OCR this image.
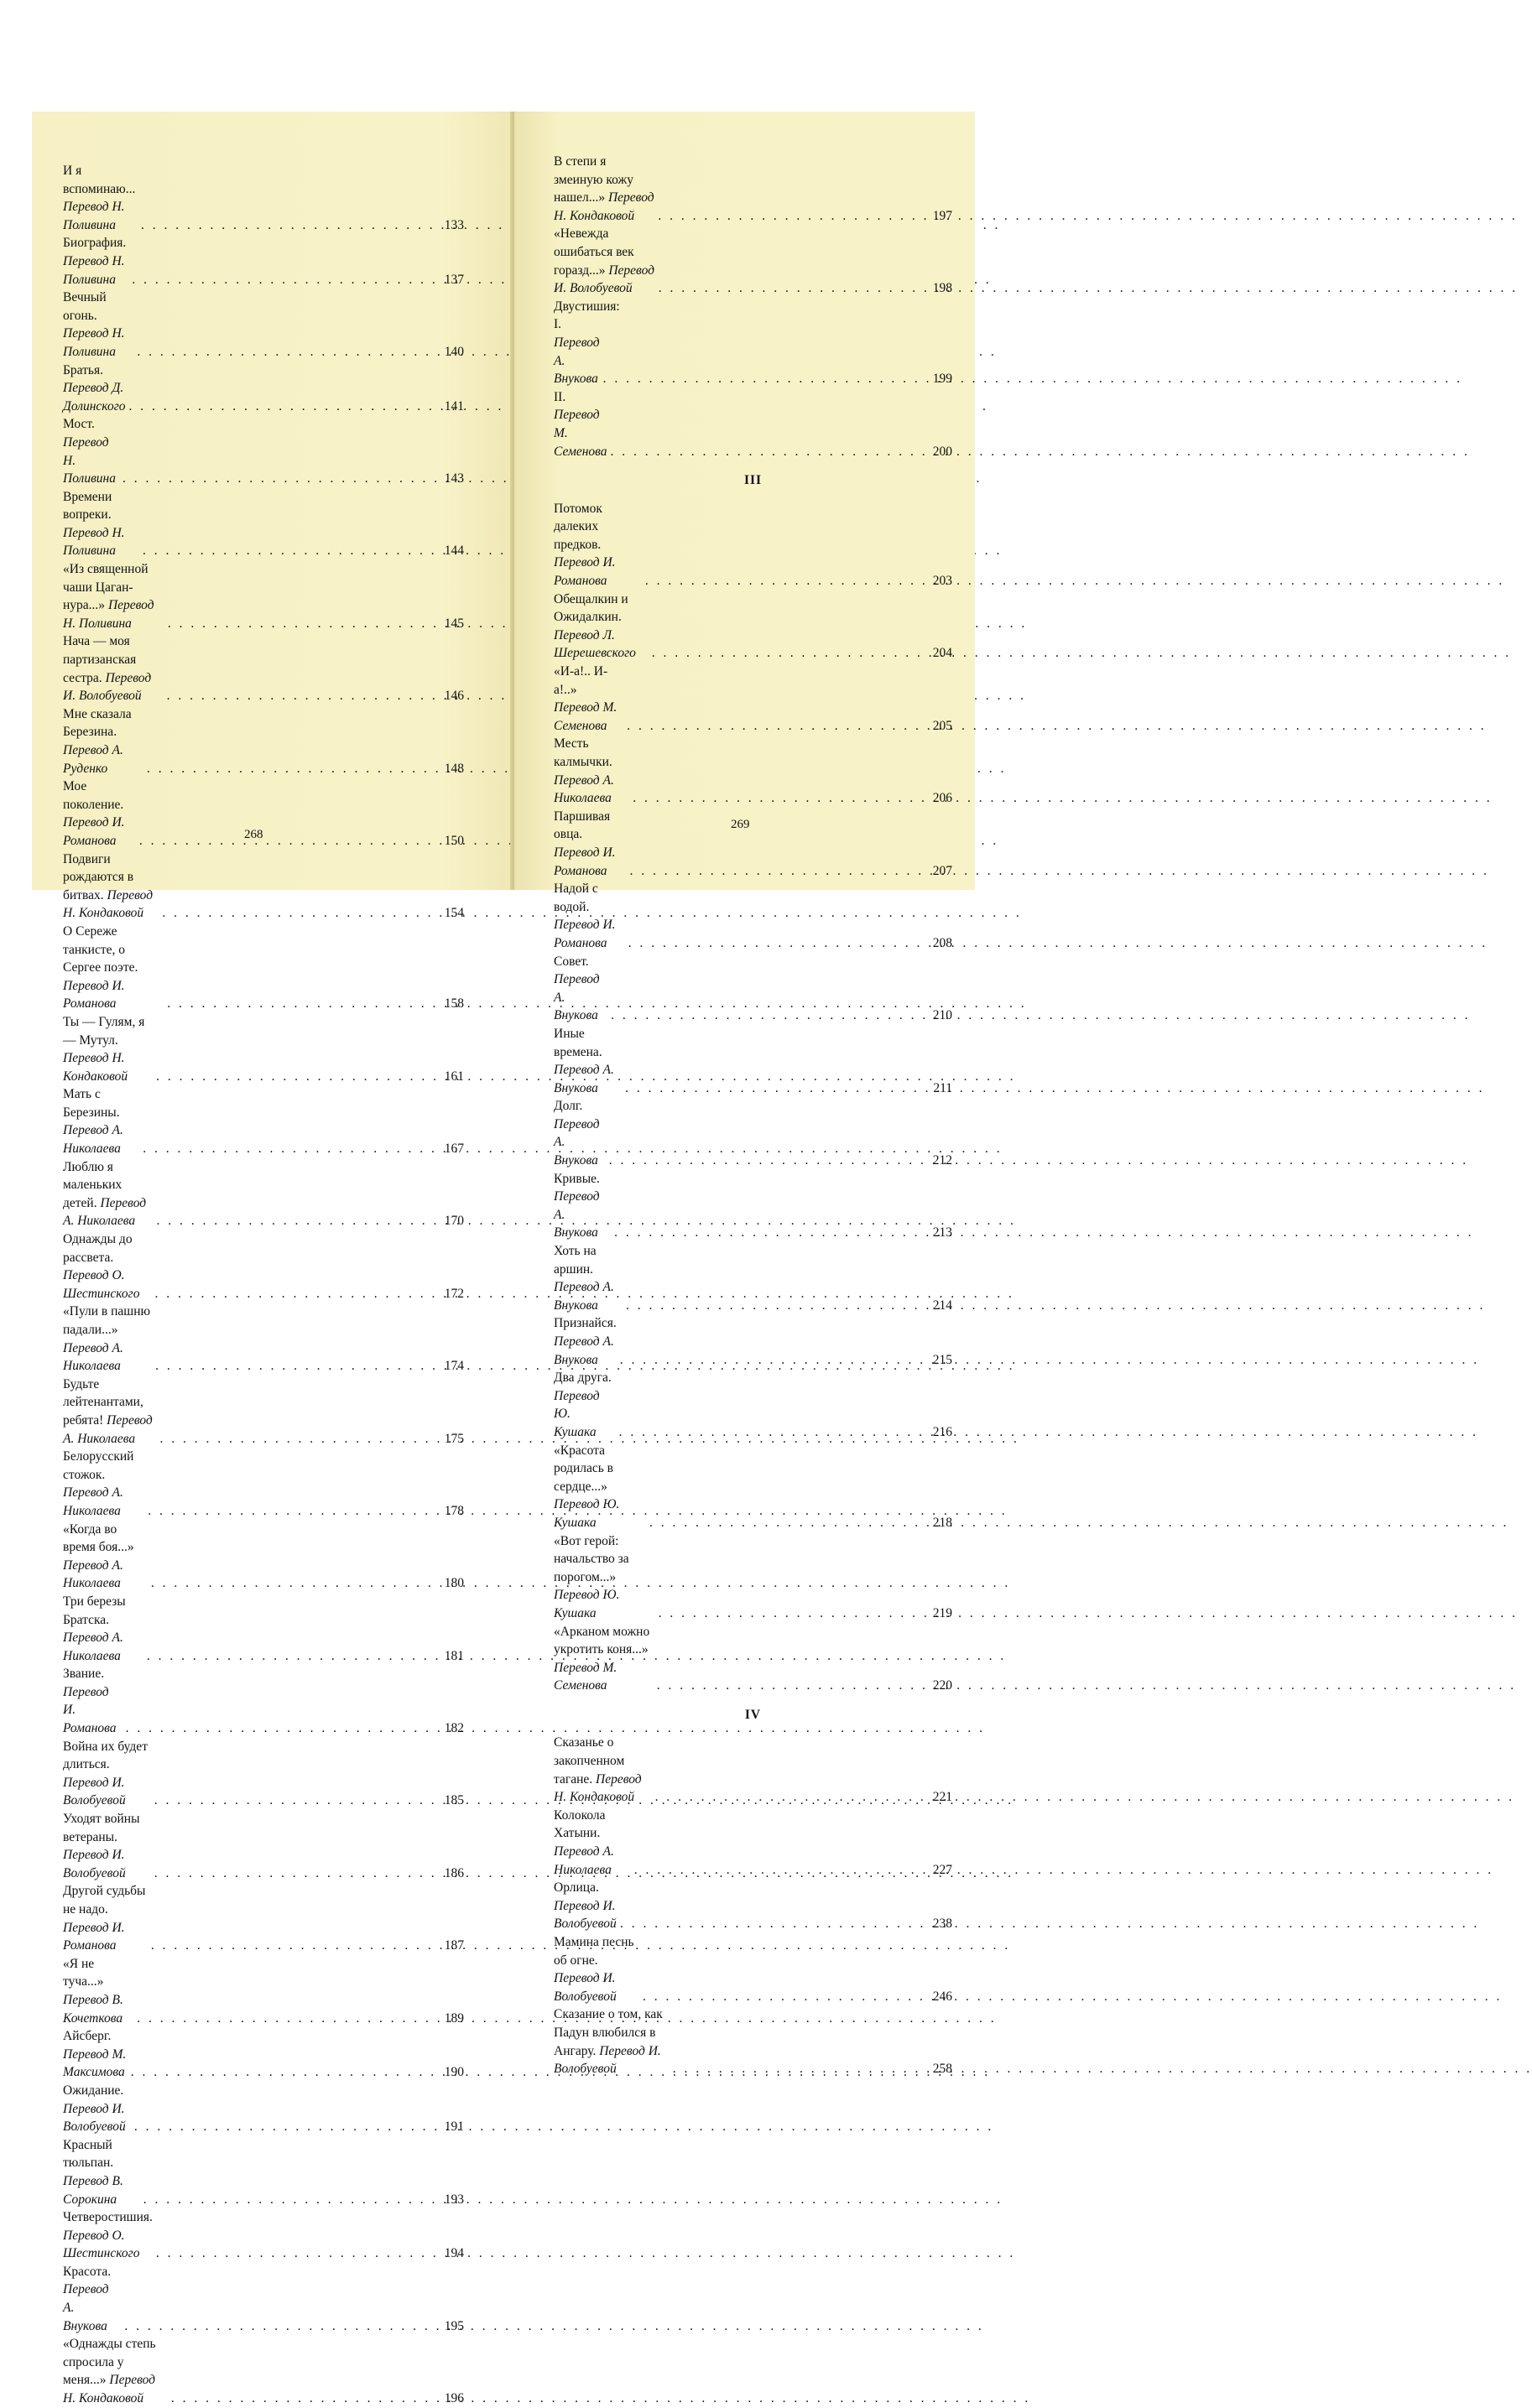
И я вспоминаю... Перевод Н. Поливина . . .	133
Биография. Перевод Н. Поливина . . .	137
Вечный огонь. Перевод Н. Поливина . . .	140
Братья. Перевод Д. Долинского . . .	141
Мост. Перевод Н. Поливина . . .	143
Времени вопреки. Перевод Н. Поливина . . .	144
«Из священной чаши Цаган-нура...» Перевод Н. Поливина . . .	145
Нача — моя партизанская сестра. Перевод И. Волобуевой . . .	146
Мне сказала Березина. Перевод А. Руденко . . .	148
Мое поколение. Перевод И. Романова . . .	150
Подвиги рождаются в битвах. Перевод Н. Кондаковой . . .	154
О Сереже танкисте, о Сергее поэте. Перевод И. Романова . . .	158
Ты — Гулям, я — Мутул. Перевод Н. Кондаковой . . .	161
Мать с Березины. Перевод А. Николаева . . .	167
Люблю я маленьких детей. Перевод А. Николаева . . .	170
Однажды до рассвета. Перевод О. Шестинского . . .	172
«Пули в пашню падали...» Перевод А. Николаева . . .	174
Будьте лейтенантами, ребята! Перевод А. Николаева . . .	175
Белорусский стожок. Перевод А. Николаева . . .	178
«Когда во время боя...» Перевод А. Николаева . . .	180
Три березы Братска. Перевод А. Николаева . . .	181
Звание. Перевод И. Романова . . .	182
Война их будет длиться. Перевод И. Волобуевой . . .	185
Уходят войны ветераны. Перевод И. Волобуевой . . .	186
Другой судьбы не надо. Перевод И. Романова . . .	187
«Я не туча...» Перевод В. Кочеткова . . .	189
Айсберг. Перевод М. Максимова . . .	190
Ожидание. Перевод И. Волобуевой . . .	191
Красный тюльпан. Перевод В. Сорокина . . .	193
Четверостишия. Перевод О. Шестинского . . .	194
Красота. Перевод А. Внукова . . .	195
«Однажды степь спросила у меня...» Перевод Н. Кондаковой . . .	196
268
В степи я змеиную кожу нашел...» Перевод Н. Кондаковой . . .	197
«Невежда ошибаться век горазд...» Перевод И. Волобуевой . . .	198
Двустишия:
I. Перевод А. Внукова . . .	199
II. Перевод М. Семенова . . .	200
III
Потомок далеких предков. Перевод И. Романова . . .	203
Обещалкин и Ожидалкин. Перевод Л. Шерешевского . . .	204
«И-а!.. И-а!..» Перевод М. Семенова . . .	205
Месть калмычки. Перевод А. Николаева . . .	206
Паршивая овца. Перевод И. Романова . . .	207
Надой с водой. Перевод И. Романова . . .	208
Совет. Перевод А. Внукова . . .	210
Иные времена. Перевод А. Внукова . . .	211
Долг. Перевод А. Внукова . . .	212
Кривые. Перевод А. Внукова . . .	213
Хоть на аршин. Перевод А. Внукова . . .	214
Признайся. Перевод А. Внукова . . .	215
Два друга. Перевод Ю. Кушака . . .	216
«Красота родилась в сердце...» Перевод Ю. Кушака . . .	218
«Вот герой: начальство за порогом...» Перевод Ю. Кушака . . .	219
«Арканом можно укротить коня...» Перевод М. Семенова . . .	220
IV
Сказанье о закопченном тагане. Перевод Н. Кондаковой . . .	221
Колокола Хатыни. Перевод А. Николаева . . .	227
Орлица. Перевод И. Волобуевой . . .	238
Мамина песнь об огне. Перевод И. Волобуевой . . .	246
Сказание о том, как Падун влюбился в Ангару. Перевод И. Волобуевой . . .	258
269
